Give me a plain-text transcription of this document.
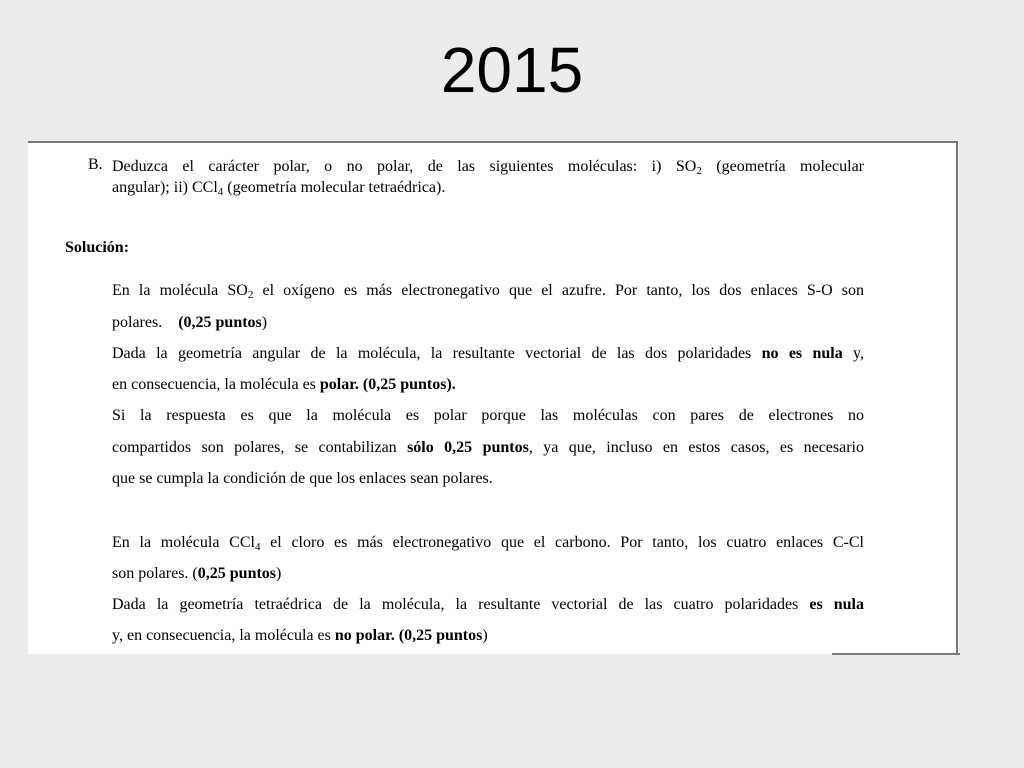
2015
B. Deduzca el carácter polar, o no polar, de las siguientes moléculas: i) $SO_2$ (geometría molecular
angular); ii) CCl$_4$ (geometría molecular tetraédrica).
Solución:
En la molécula $SO_2$ el oxígeno es más electronegativo que el azufre. Por tanto, los dos enlaces S-O son
polares.    (0,25 puntos)
Dada la geometría angular de la molécula, la resultante vectorial de las dos polaridades no es nula y,
en consecuencia, la molécula es polar. (0,25 puntos).
Si la respuesta es que la molécula es polar porque las moléculas con pares de electrones no
compartidos son polares, se contabilizan sólo 0,25 puntos, ya que, incluso en estos casos, es necesario
que se cumpla la condición de que los enlaces sean polares.
En la molécula CCl$_4$ el cloro es más electronegativo que el carbono. Por tanto, los cuatro enlaces C-Cl
son polares. (0,25 puntos)
Dada la geometría tetraédrica de la molécula, la resultante vectorial de las cuatro polaridades es nula
y, en consecuencia, la molécula es no polar. (0,25 puntos)
